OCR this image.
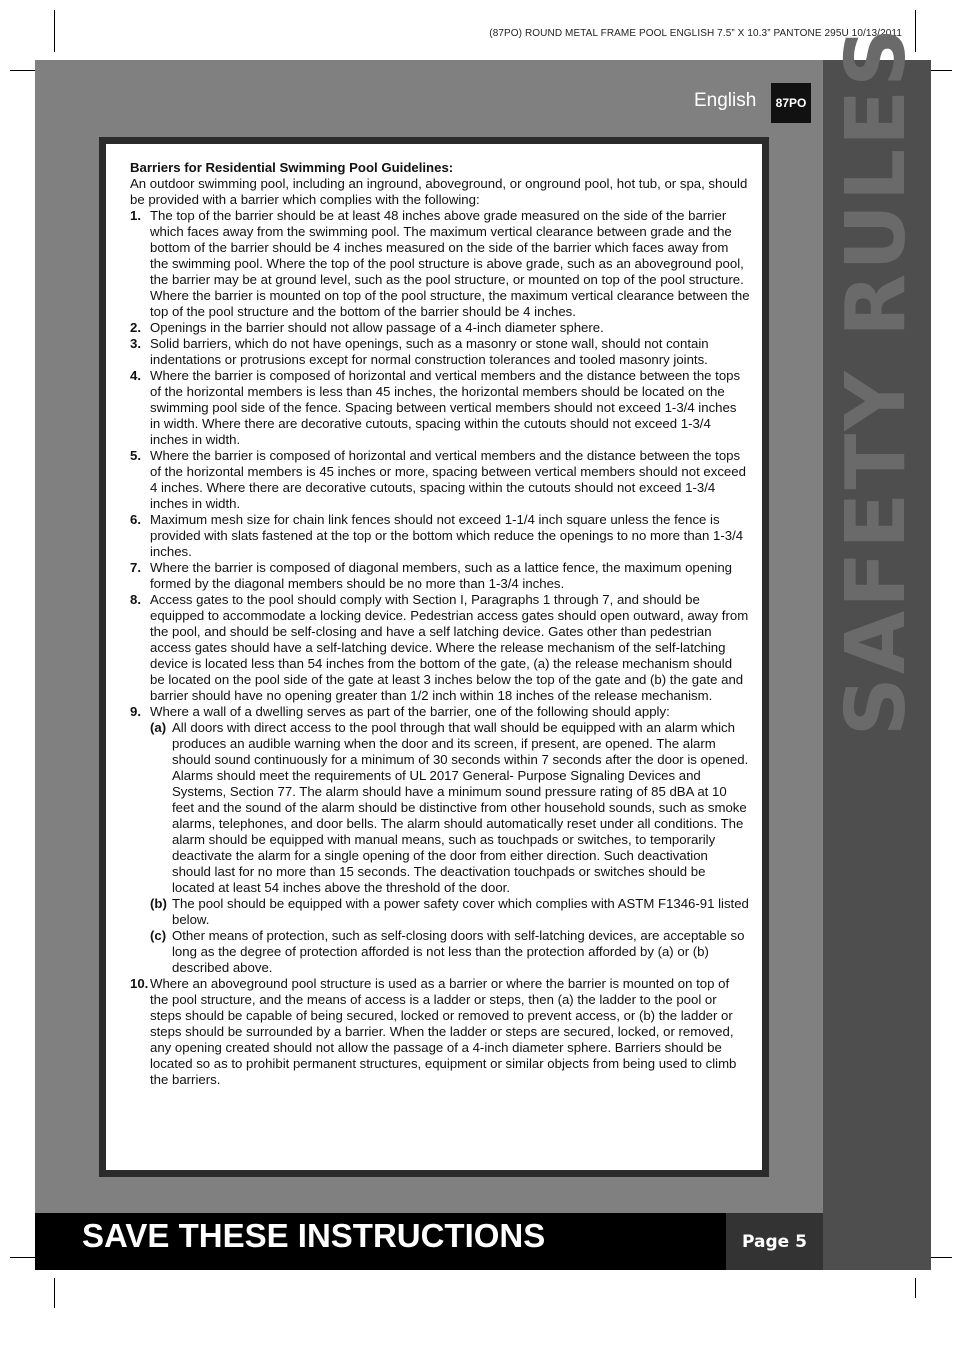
(87PO) ROUND METAL FRAME POOL ENGLISH 7.5” X 10.3” PANTONE 295U 10/13/2011
SAFETY RULES
English	87PO

Barriers for Residential Swimming Pool Guidelines:

An outdoor swimming pool, including an inground, aboveground, or onground pool, hot tub, or spa, should be provided with a barrier which complies with the following:

1. The top of the barrier should be at least 48 inches above grade measured on the side of the barrier which faces away from the swimming pool. The maximum vertical clearance between grade and the bottom of the barrier should be 4 inches measured on the side of the barrier which faces away from the swimming pool. Where the top of the pool structure is above grade, such as an aboveground pool, the barrier may be at ground level, such as the pool structure, or mounted on top of the pool structure. Where the barrier is mounted on top of the pool structure, the maximum vertical clearance between the top of the pool structure and the bottom of the barrier should be 4 inches.
2. Openings in the barrier should not allow passage of a 4-inch diameter sphere.
3. Solid barriers, which do not have openings, such as a masonry or stone wall, should not contain indentations or protrusions except for normal construction tolerances and tooled masonry joints.
4. Where the barrier is composed of horizontal and vertical members and the distance between the tops of the horizontal members is less than 45 inches, the horizontal members should be located on the swimming pool side of the fence. Spacing between vertical members should not exceed 1-3/4 inches in width. Where there are decorative cutouts, spacing within the cutouts should not exceed 1-3/4 inches in width.
5. Where the barrier is composed of horizontal and vertical members and the distance between the tops of the horizontal members is 45 inches or more, spacing between vertical members should not exceed 4 inches. Where there are decorative cutouts, spacing within the cutouts should not exceed 1-3/4 inches in width.
6. Maximum mesh size for chain link fences should not exceed 1-1/4 inch square unless the fence is provided with slats fastened at the top or the bottom which reduce the openings to no more than 1-3/4 inches.
7. Where the barrier is composed of diagonal members, such as a lattice fence, the maximum opening formed by the diagonal members should be no more than 1-3/4 inches.
8. Access gates to the pool should comply with Section I, Paragraphs 1 through 7, and should be equipped to accommodate a locking device. Pedestrian access gates should open outward, away from the pool, and should be self-closing and have a self latching device. Gates other than pedestrian access gates should have a self-latching device. Where the release mechanism of the self-latching device is located less than 54 inches from the bottom of the gate, (a) the release mechanism should be located on the pool side of the gate at least 3 inches below the top of the gate and (b) the gate and barrier should have no opening greater than 1/2 inch within 18 inches of the release mechanism.
9. Where a wall of a dwelling serves as part of the barrier, one of the following should apply:
(a) All doors with direct access to the pool through that wall should be equipped with an alarm which produces an audible warning when the door and its screen, if present, are opened. The alarm should sound continuously for a minimum of 30 seconds within 7 seconds after the door is opened. Alarms should meet the requirements of UL 2017 General- Purpose Signaling Devices and Systems, Section 77. The alarm should have a minimum sound pressure rating of 85 dBA at 10 feet and the sound of the alarm should be distinctive from other household sounds, such as smoke alarms, telephones, and door bells. The alarm should automatically reset under all conditions. The alarm should be equipped with manual means, such as touchpads or switches, to temporarily deactivate the alarm for a single opening of the door from either direction. Such deactivation should last for no more than 15 seconds. The deactivation touchpads or switches should be located at least 54 inches above the threshold of the door.
(b) The pool should be equipped with a power safety cover which complies with ASTM F1346-91 listed below.
(c) Other means of protection, such as self-closing doors with self-latching devices, are acceptable so long as the degree of protection afforded is not less than the protection afforded by (a) or (b) described above.
10. Where an aboveground pool structure is used as a barrier or where the barrier is mounted on top of the pool structure, and the means of access is a ladder or steps, then (a) the ladder to the pool or steps should be capable of being secured, locked or removed to prevent access, or (b) the ladder or steps should be surrounded by a barrier. When the ladder or steps are secured, locked, or removed, any opening created should not allow the passage of a 4-inch diameter sphere. Barriers should be located so as to prohibit permanent structures, equipment or similar objects from being used to climb the barriers.
SAVE THESE INSTRUCTIONS	Page 5
